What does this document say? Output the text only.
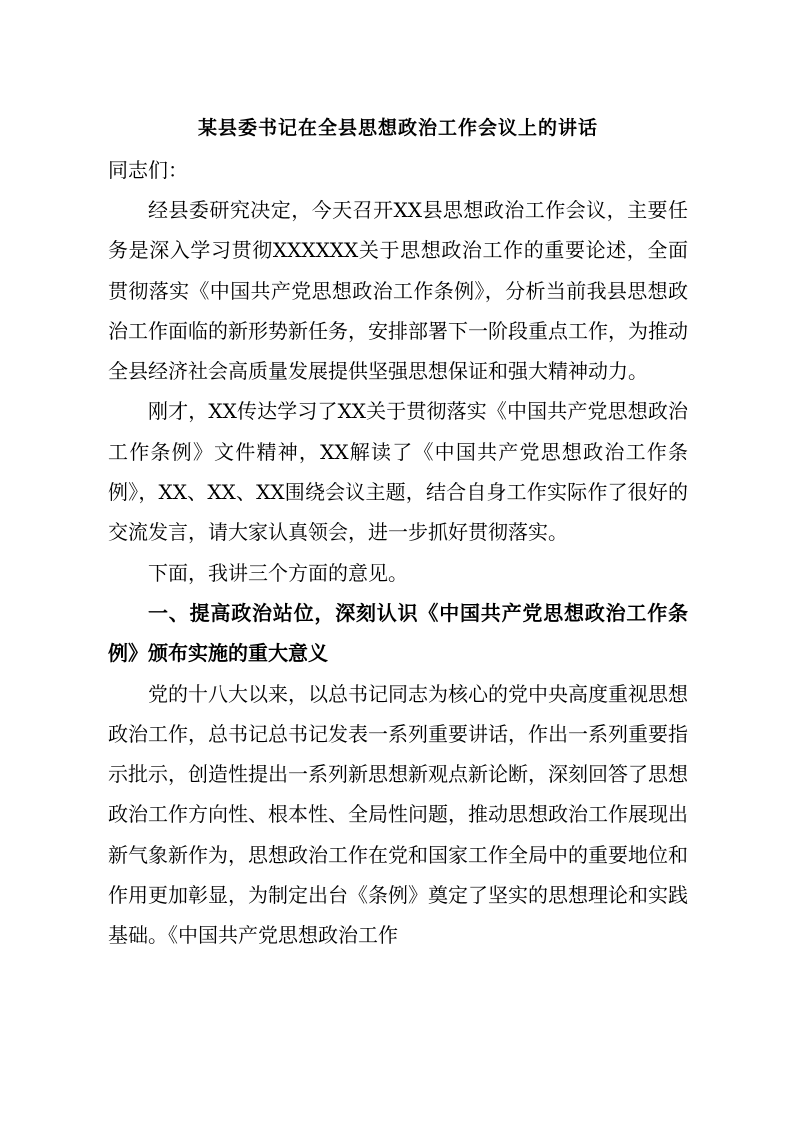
某县委书记在全县思想政治工作会议上的讲话

同志们：

经县委研究决定，今天召开XX县思想政治工作会议，主要任务是深入学习贯彻XXXXXX关于思想政治工作的重要论述，全面贯彻落实《中国共产党思想政治工作条例》，分析当前我县思想政治工作面临的新形势新任务，安排部署下一阶段重点工作，为推动全县经济社会高质量发展提供坚强思想保证和强大精神动力。

刚才，XX传达学习了XX关于贯彻落实《中国共产党思想政治工作条例》文件精神，XX解读了《中国共产党思想政治工作条例》，XX、XX、XX围绕会议主题，结合自身工作实际作了很好的交流发言，请大家认真领会，进一步抓好贯彻落实。

下面，我讲三个方面的意见。

一、提高政治站位，深刻认识《中国共产党思想政治工作条例》颁布实施的重大意义

党的十八大以来，以总书记同志为核心的党中央高度重视思想政治工作，总书记总书记发表一系列重要讲话，作出一系列重要指示批示，创造性提出一系列新思想新观点新论断，深刻回答了思想政治工作方向性、根本性、全局性问题，推动思想政治工作展现出新气象新作为，思想政治工作在党和国家工作全局中的重要地位和作用更加彰显，为制定出台《条例》奠定了坚实的思想理论和实践基础。《中国共产党思想政治工作
